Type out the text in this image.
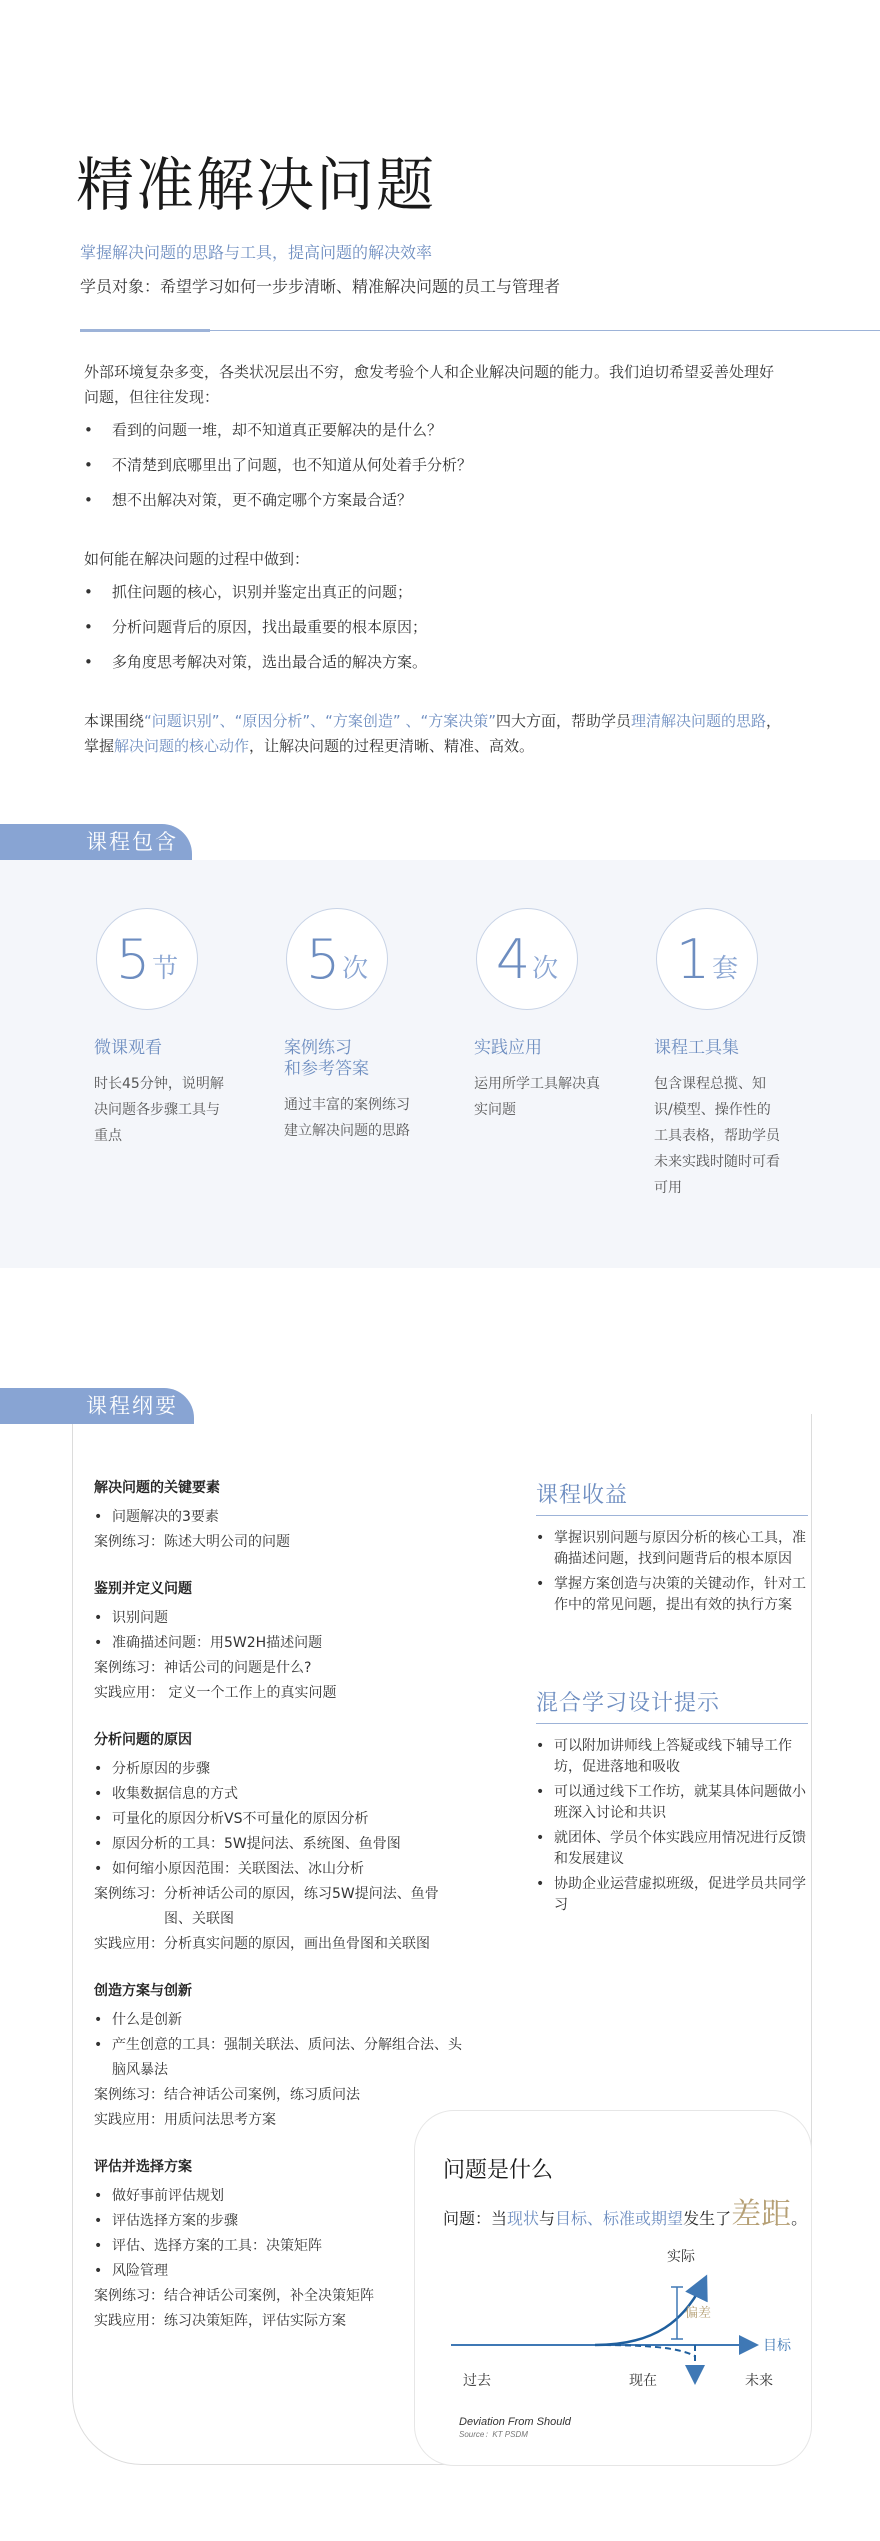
精准解决问题
掌握解决问题的思路与工具，提高问题的解决效率
学员对象：希望学习如何一步步清晰、精准解决问题的员工与管理者

外部环境复杂多变，各类状况层出不穷，愈发考验个人和企业解决问题的能力。我们迫切希望妥善处理好问题，但往往发现：

• 看到的问题一堆，却不知道真正要解决的是什么？
• 不清楚到底哪里出了问题，也不知道从何处着手分析？
• 想不出解决对策，更不确定哪个方案最合适？

如何能在解决问题的过程中做到：

• 抓住问题的核心，识别并鉴定出真正的问题；
• 分析问题背后的原因，找出最重要的根本原因；
• 多角度思考解决对策，选出最合适的解决方案。

本课围绕“问题识别”、“原因分析”、“方案创造” 、“方案决策”四大方面，帮助学员理清解决问题的思路，掌握解决问题的核心动作，让解决问题的过程更清晰、精准、高效。

课程包含
5 节
微课观看
时长45分钟，说明解决问题各步骤工具与重点
5 次
案例练习
和参考答案
通过丰富的案例练习建立解决问题的思路
4 次
实践应用
运用所学工具解决真实问题
1 套
课程工具集
包含课程总揽、知识/模型、操作性的工具表格，帮助学员未来实践时随时可看可用
课程纲要
解决问题的关键要素
• 问题解决的3要素
案例练习：陈述大明公司的问题
鉴别并定义问题
• 识别问题
• 准确描述问题：用5W2H描述问题
案例练习：神话公司的问题是什么?
实践应用： 定义一个工作上的真实问题
分析问题的原因
• 分析原因的步骤
• 收集数据信息的方式
• 可量化的原因分析VS不可量化的原因分析
• 原因分析的工具：5W提问法、系统图、鱼骨图
• 如何缩小原因范围：关联图法、冰山分析
案例练习： 分析神话公司的原因，练习5W提问法、鱼骨图、关联图
实践应用：分析真实问题的原因，画出鱼骨图和关联图
创造方案与创新
• 什么是创新
• 产生创意的工具：强制关联法、质问法、分解组合法、头脑风暴法
案例练习：结合神话公司案例，练习质问法
实践应用：用质问法思考方案
评估并选择方案
• 做好事前评估规划
• 评估选择方案的步骤
• 评估、选择方案的工具：决策矩阵
• 风险管理
案例练习：结合神话公司案例，补全决策矩阵
实践应用：练习决策矩阵，评估实际方案
课程收益
• 掌握识别问题与原因分析的核心工具，准确描述问题，找到问题背后的根本原因
• 掌握方案创造与决策的关键动作，针对工作中的常见问题，提出有效的执行方案
混合学习设计提示
• 可以附加讲师线上答疑或线下辅导工作坊，促进落地和吸收
• 可以通过线下工作坊，就某具体问题做小班深入讨论和共识
• 就团体、学员个体实践应用情况进行反馈和发展建议
• 协助企业运营虚拟班级，促进学员共同学习
问题是什么
问题：当现状与目标、标准或期望发生了差距。
实际
偏差
目标
过去	现在	未来
Deviation From Should
Source：KT PSDM
